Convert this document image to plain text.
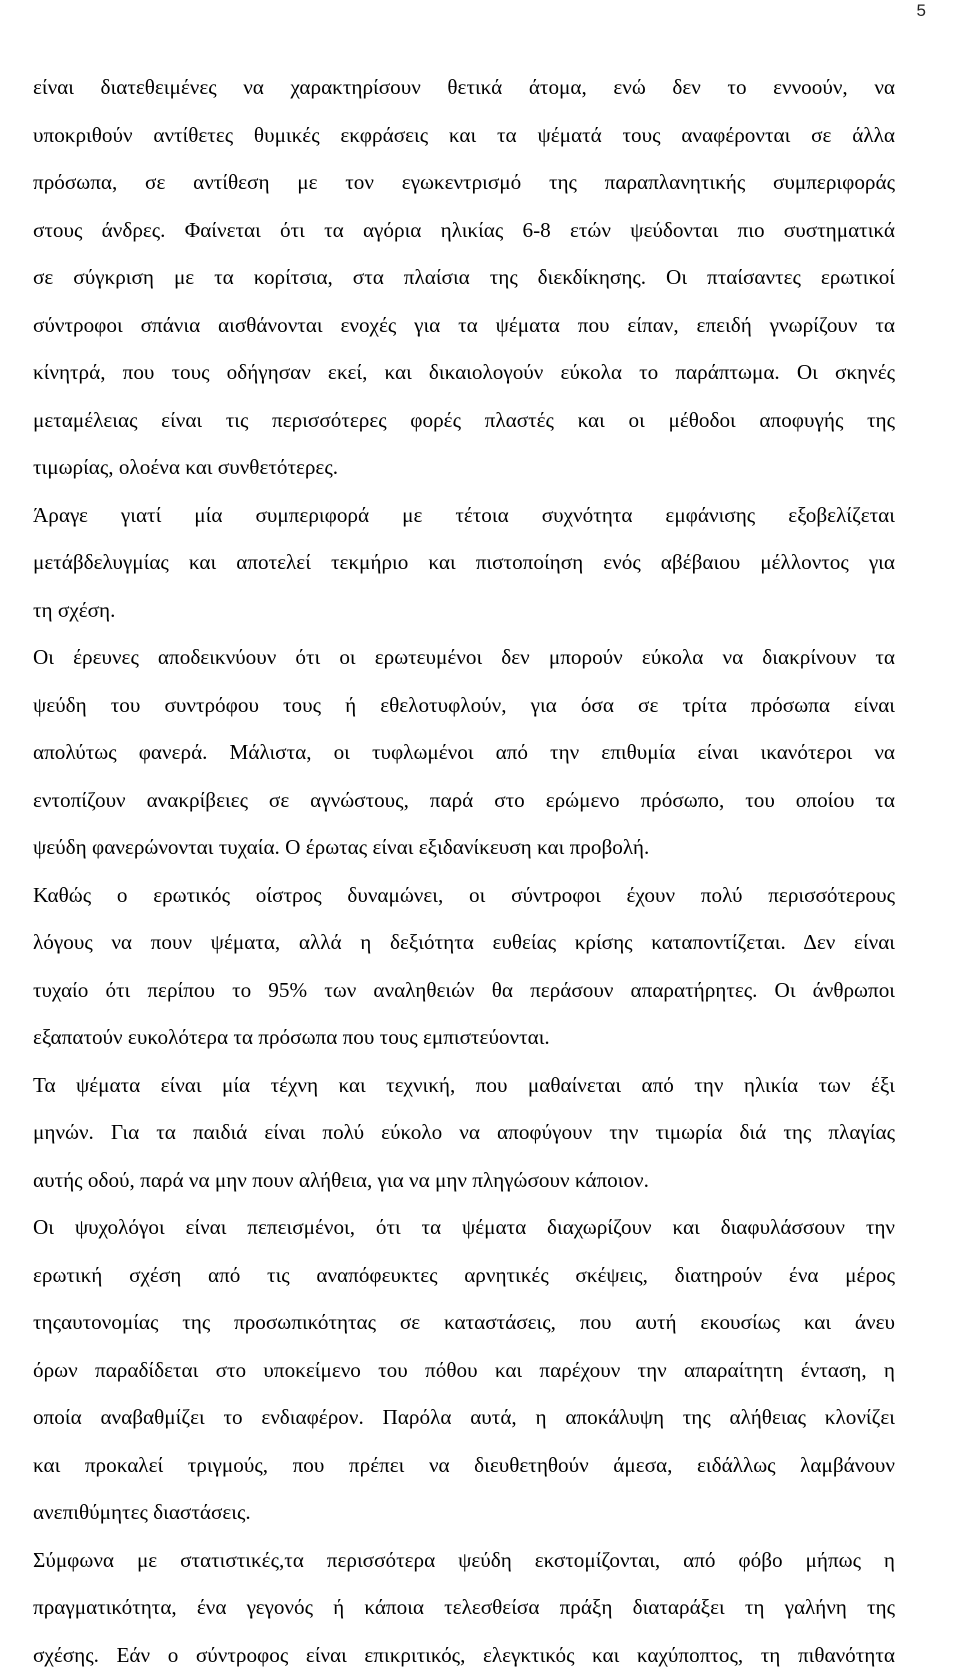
5
είναι διατεθειμένες να χαρακτηρίσουν θετικά άτομα, ενώ δεν το εννοούν, να
υποκριθούν αντίθετες θυμικές εκφράσεις και τα ψέματά τους αναφέρονται σε άλλα
πρόσωπα, σε αντίθεση με τον εγωκεντρισμό της παραπλανητικής συμπεριφοράς
στους άνδρες. Φαίνεται ότι τα αγόρια ηλικίας 6-8 ετών ψεύδονται πιο συστηματικά
σε σύγκριση με τα κορίτσια, στα πλαίσια της διεκδίκησης. Οι πταίσαντες ερωτικοί
σύντροφοι σπάνια αισθάνονται ενοχές για τα ψέματα που είπαν, επειδή γνωρίζουν τα
κίνητρά, που τους οδήγησαν εκεί, και δικαιολογούν εύκολα το παράπτωμα. Οι σκηνές
μεταμέλειας είναι τις περισσότερες φορές πλαστές και οι μέθοδοι αποφυγής της
τιμωρίας, ολοένα και συνθετότερες.
Άραγε γιατί μία συμπεριφορά με τέτοια συχνότητα εμφάνισης εξοβελίζεται
μετάβδελυγμίας και αποτελεί τεκμήριο και πιστοποίηση ενός αβέβαιου μέλλοντος για
τη σχέση.
Οι έρευνες αποδεικνύουν ότι οι ερωτευμένοι δεν μπορούν εύκολα να διακρίνουν τα
ψεύδη του συντρόφου τους ή εθελοτυφλούν, για όσα σε τρίτα πρόσωπα είναι
απολύτως φανερά. Μάλιστα, οι τυφλωμένοι από την επιθυμία είναι ικανότεροι να
εντοπίζουν ανακρίβειες σε αγνώστους, παρά στο ερώμενο πρόσωπο, του οποίου τα
ψεύδη φανερώνονται τυχαία. Ο έρωτας είναι εξιδανίκευση και προβολή.
Καθώς ο ερωτικός οίστρος δυναμώνει, οι σύντροφοι έχουν πολύ περισσότερους
λόγους να πουν ψέματα, αλλά η δεξιότητα ευθείας κρίσης καταποντίζεται. Δεν είναι
τυχαίο ότι περίπου το 95% των αναληθειών θα περάσουν απαρατήρητες. Οι άνθρωποι
εξαπατούν ευκολότερα τα πρόσωπα που τους εμπιστεύονται.
Τα ψέματα είναι μία τέχνη και τεχνική, που μαθαίνεται από την ηλικία των έξι
μηνών. Για τα παιδιά είναι πολύ εύκολο να αποφύγουν την τιμωρία διά της πλαγίας
αυτής οδού, παρά να μην πουν αλήθεια, για να μην πληγώσουν κάποιον.
Οι ψυχολόγοι είναι πεπεισμένοι, ότι τα ψέματα διαχωρίζουν και διαφυλάσσουν την
ερωτική σχέση από τις αναπόφευκτες αρνητικές σκέψεις, διατηρούν ένα μέρος
τηςαυτονομίας της προσωπικότητας σε καταστάσεις, που αυτή εκουσίως και άνευ
όρων παραδίδεται στο υποκείμενο του πόθου και παρέχουν την απαραίτητη ένταση, η
οποία αναβαθμίζει το ενδιαφέρον. Παρόλα αυτά, η αποκάλυψη της αλήθειας κλονίζει
και προκαλεί τριγμούς, που πρέπει να διευθετηθούν άμεσα, ειδάλλως λαμβάνουν
ανεπιθύμητες διαστάσεις.
Σύμφωνα με στατιστικές,τα περισσότερα ψεύδη εκστομίζονται, από φόβο μήπως η
πραγματικότητα, ένα γεγονός ή κάποια τελεσθείσα πράξη διαταράξει τη γαλήνη της
σχέσης. Εάν ο σύντροφος είναι επικριτικός, ελεγκτικός και καχύποπτος, τη πιθανότητα
